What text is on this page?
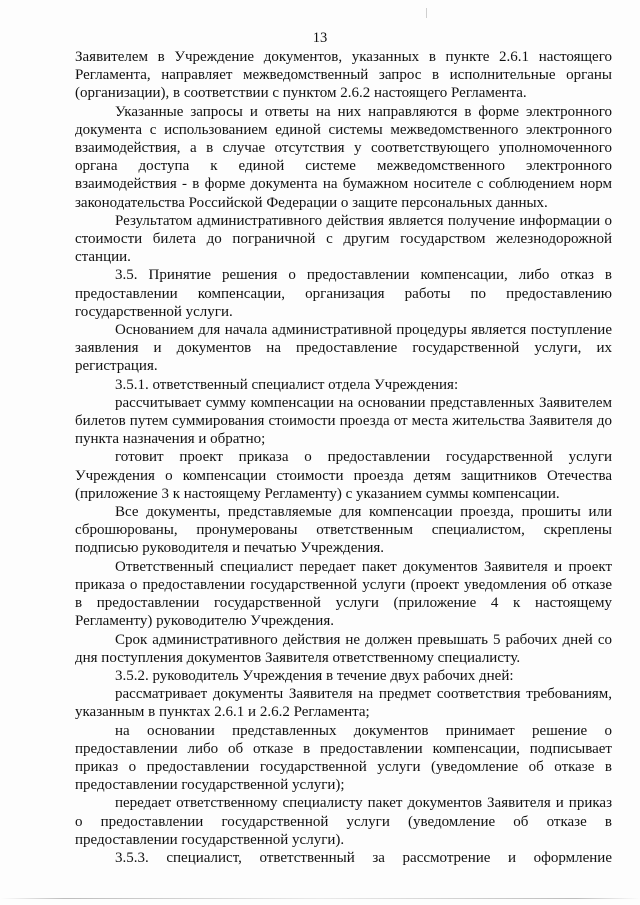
13

Заявителем в Учреждение документов, указанных в пункте 2.6.1 настоящего Регламента, направляет межведомственный запрос в исполнительные органы (организации), в соответствии с пунктом 2.6.2 настоящего Регламента.

Указанные запросы и ответы на них направляются в форме электронного документа с использованием единой системы межведомственного электронного взаимодействия, а в случае отсутствия у соответствующего уполномоченного органа доступа к единой системе межведомственного электронного взаимодействия - в форме документа на бумажном носителе с соблюдением норм законодательства Российской Федерации о защите персональных данных.

Результатом административного действия является получение информации о стоимости билета до пограничной с другим государством железнодорожной станции.

3.5. Принятие решения о предоставлении компенсации, либо отказ в предоставлении компенсации, организация работы по предоставлению государственной услуги.

Основанием для начала административной процедуры является поступление заявления и документов на предоставление государственной услуги, их регистрация.

3.5.1. ответственный специалист отдела Учреждения:

рассчитывает сумму компенсации на основании представленных Заявителем билетов путем суммирования стоимости проезда от места жительства Заявителя до пункта назначения и обратно;

готовит проект приказа о предоставлении государственной услуги Учреждения о компенсации стоимости проезда детям защитников Отечества (приложение 3 к настоящему Регламенту) с указанием суммы компенсации.

Все документы, представляемые для компенсации проезда, прошиты или сброшюрованы, пронумерованы ответственным специалистом, скреплены подписью руководителя и печатью Учреждения.

Ответственный специалист передает пакет документов Заявителя и проект приказа о предоставлении государственной услуги (проект уведомления об отказе в предоставлении государственной услуги (приложение 4 к настоящему Регламенту) руководителю Учреждения.

Срок административного действия не должен превышать 5 рабочих дней со дня поступления документов Заявителя ответственному специалисту.

3.5.2. руководитель Учреждения в течение двух рабочих дней:

рассматривает документы Заявителя на предмет соответствия требованиям, указанным в пунктах 2.6.1 и 2.6.2 Регламента;

на основании представленных документов принимает решение о предоставлении либо об отказе в предоставлении компенсации, подписывает приказ о предоставлении государственной услуги (уведомление об отказе в предоставлении государственной услуги);

передает ответственному специалисту пакет документов Заявителя и приказ о предоставлении государственной услуги (уведомление об отказе в предоставлении государственной услуги).

3.5.3. специалист, ответственный за рассмотрение и оформление
